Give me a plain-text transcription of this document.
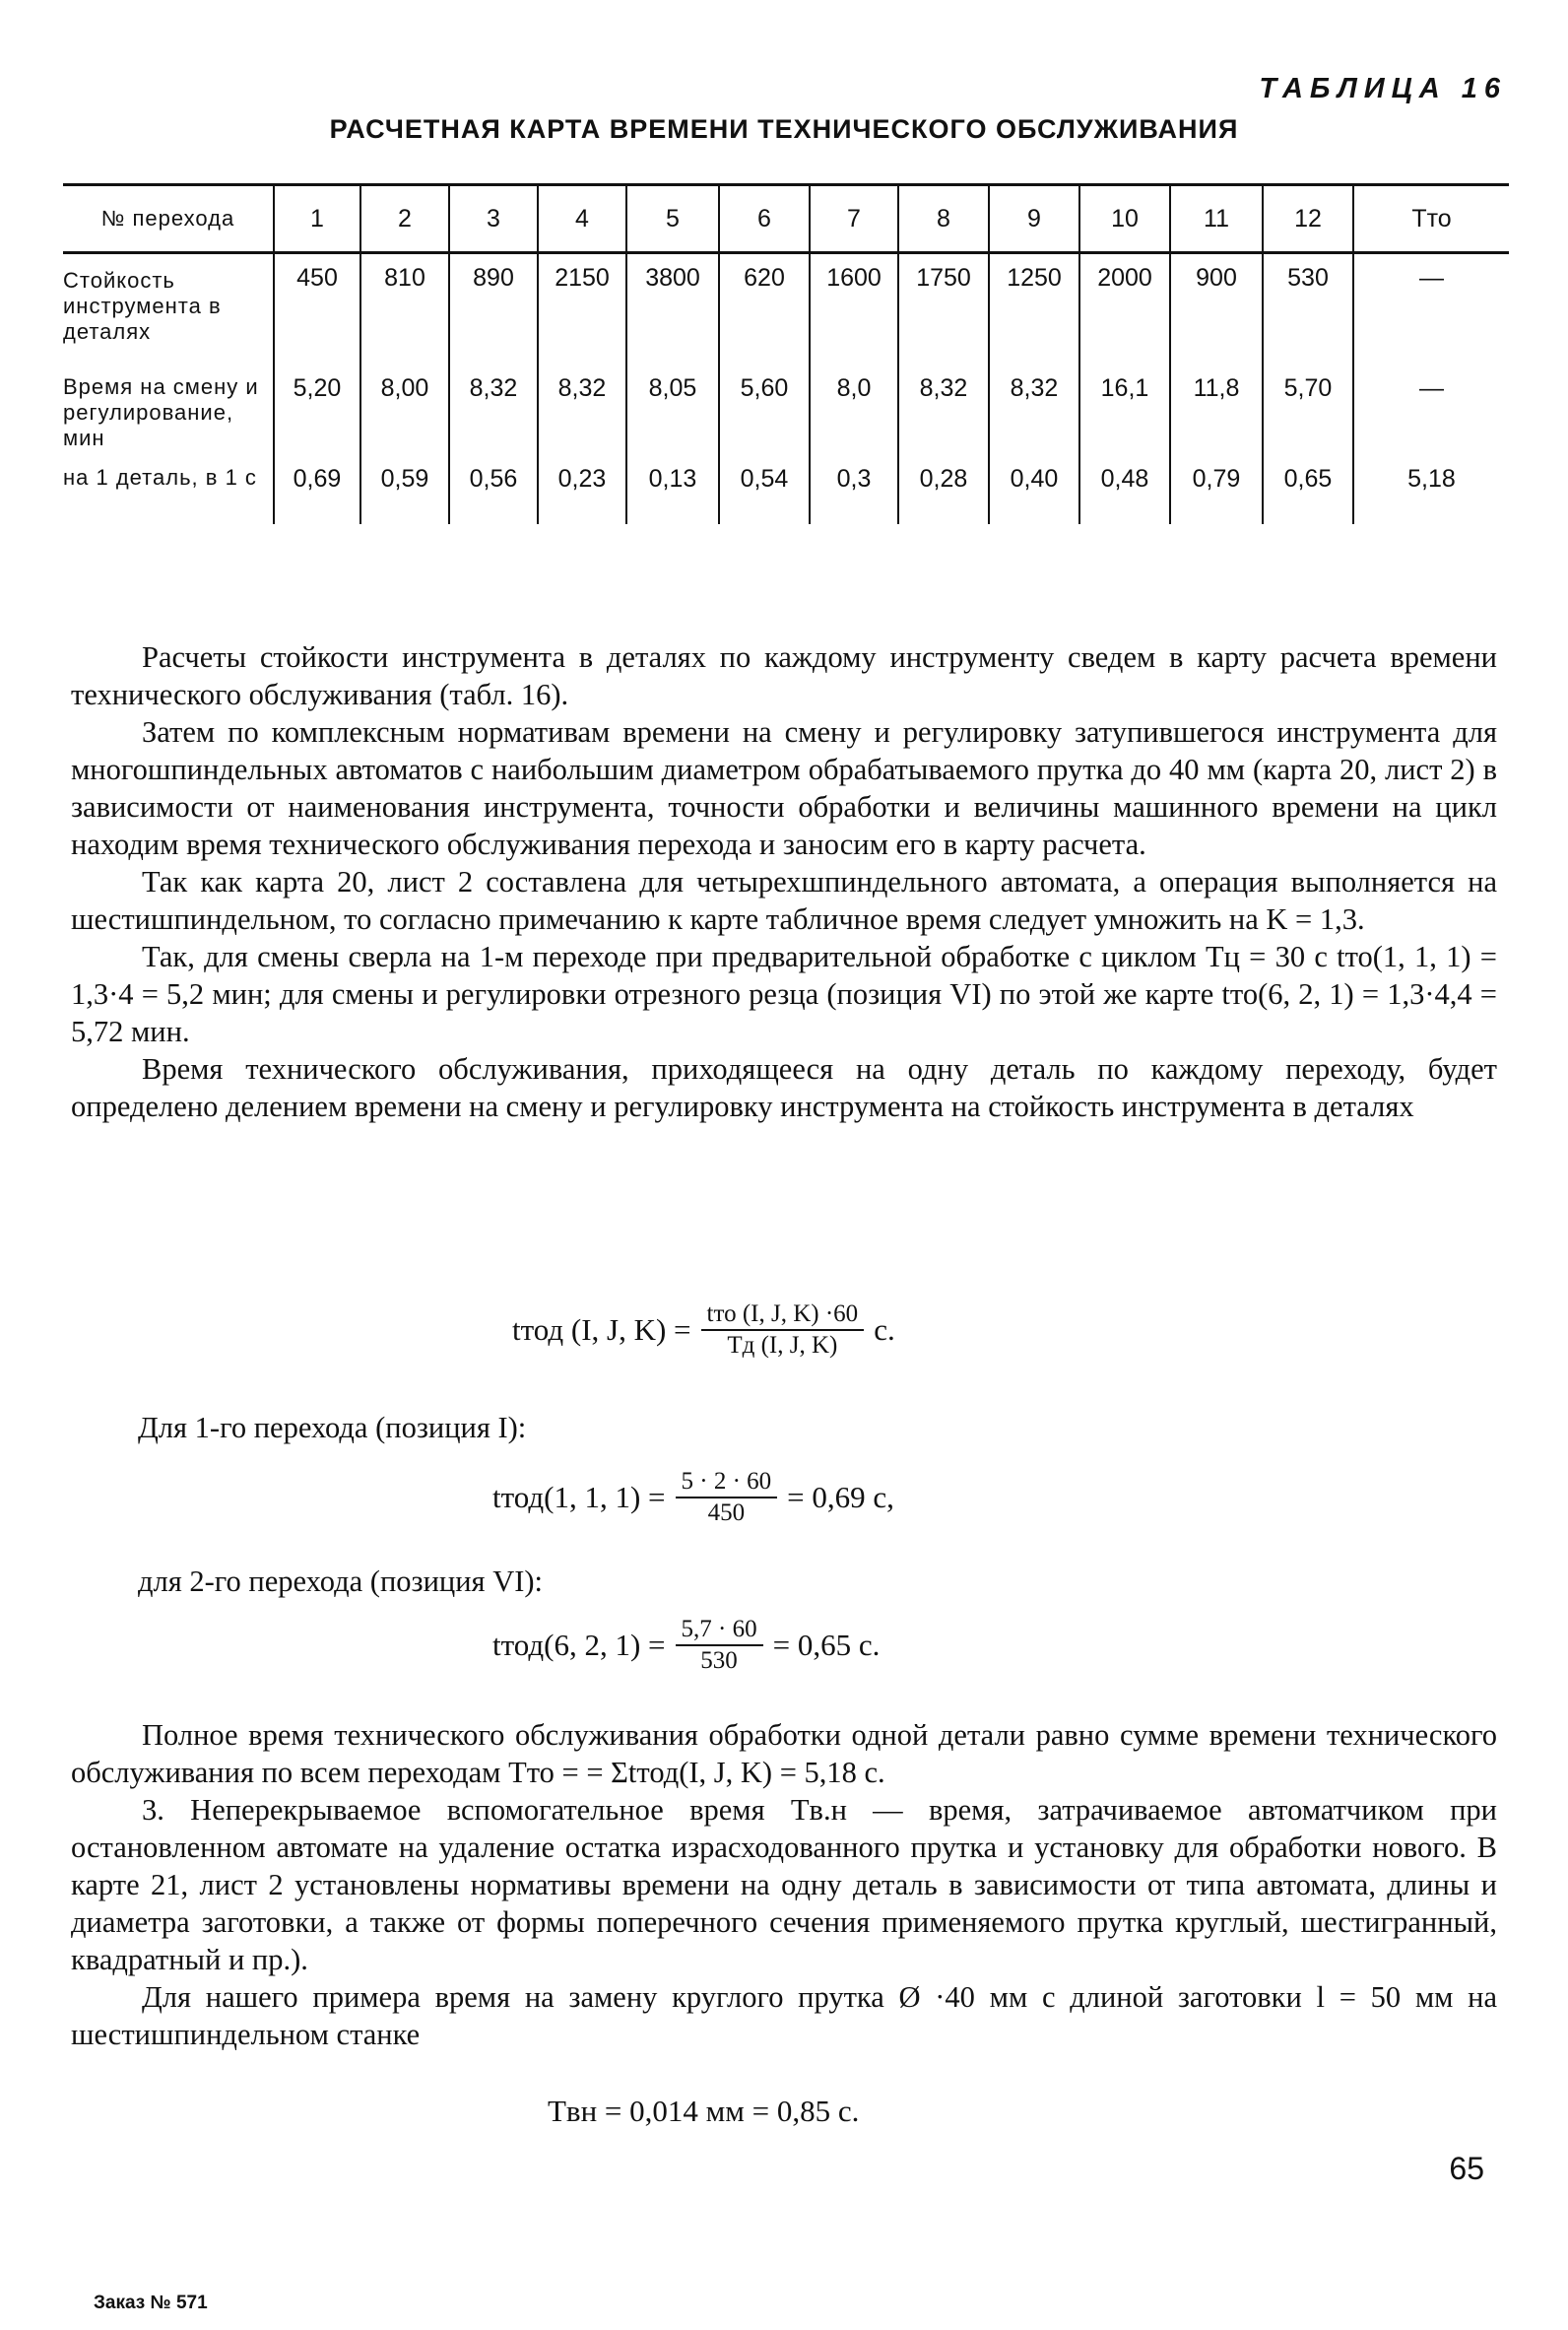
ТАБЛИЦА 16
РАСЧЕТНАЯ КАРТА ВРЕМЕНИ ТЕХНИЧЕСКОГО ОБСЛУЖИВАНИЯ
№ перехода	1	2	3	4	5	6	7	8	9	10	11	12	Tто
Стойкость инструмента в деталях	450	810	890	2150	3800	620	1600	1750	1250	2000	900	530	—
Время на смену и регулирование, мин	5,20	8,00	8,32	8,32	8,05	5,60	8,0	8,32	8,32	16,1	11,8	5,70	—
на 1 деталь, в 1 с	0,69	0,59	0,56	0,23	0,13	0,54	0,3	0,28	0,40	0,48	0,79	0,65	5,18

Расчеты стойкости инструмента в деталях по каждому инструменту сведем в карту расчета времени технического обслуживания (табл. 16).

Затем по комплексным нормативам времени на смену и регулировку затупившегося инструмента для многошпиндельных автоматов с наибольшим диаметром обрабатываемого прутка до 40 мм (карта 20, лист 2) в зависимости от наименования инструмента, точности обработки и величины машинного времени на цикл находим время технического обслуживания перехода и заносим его в карту расчета.

Так как карта 20, лист 2 составлена для четырехшпиндельного автомата, а операция выполняется на шестишпиндельном, то согласно примечанию к карте табличное время следует умножить на K = 1,3.

Так, для смены сверла на 1-м переходе при предварительной обработке с циклом Tц = 30 с tто(1, 1, 1) = 1,3·4 = 5,2 мин; для смены и регулировки отрезного резца (позиция VI) по этой же карте tто(6, 2, 1) = 1,3·4,4 = 5,72 мин.

Время технического обслуживания, приходящееся на одну деталь по каждому переходу, будет определено делением времени на смену и регулировку инструмента на стойкость инструмента в деталях

tтод (I, J, $K) = \frac{\text{tто (I, J, K) ·60}}{Tд (I, J, K)} с$.
Для 1-го перехода (позиция I):
tтод(1, 1, $1) = \frac{5 \cdot 2 \cdot 60}{450} = 0,69$ с,
для 2-го перехода (позиция VI):
tтод(6, 2, $1) = \frac{5,7 \cdot 60}{530} = 0,65$ с.

Полное время технического обслуживания обработки одной детали равно сумме времени технического обслуживания по всем переходам Tто = = Σtтод(I, J, K) = 5,18 с.

3. Неперекрываемое вспомогательное время Tв.н — время, затрачиваемое автоматчиком при остановленном автомате на удаление остатка израсходованного прутка и установку для обработки нового. В карте 21, лист 2 установлены нормативы времени на одну деталь в зависимости от типа автомата, длины и диаметра заготовки, а также от формы поперечного сечения применяемого прутка круглый, шестигранный, квадратный и пр.).

Для нашего примера время на замену круглого прутка Ø ·40 мм с длиной заготовки l = 50 мм на шестишпиндельном станке

Tвн = 0,014 мм = 0,85 с.
65
Заказ № 571
